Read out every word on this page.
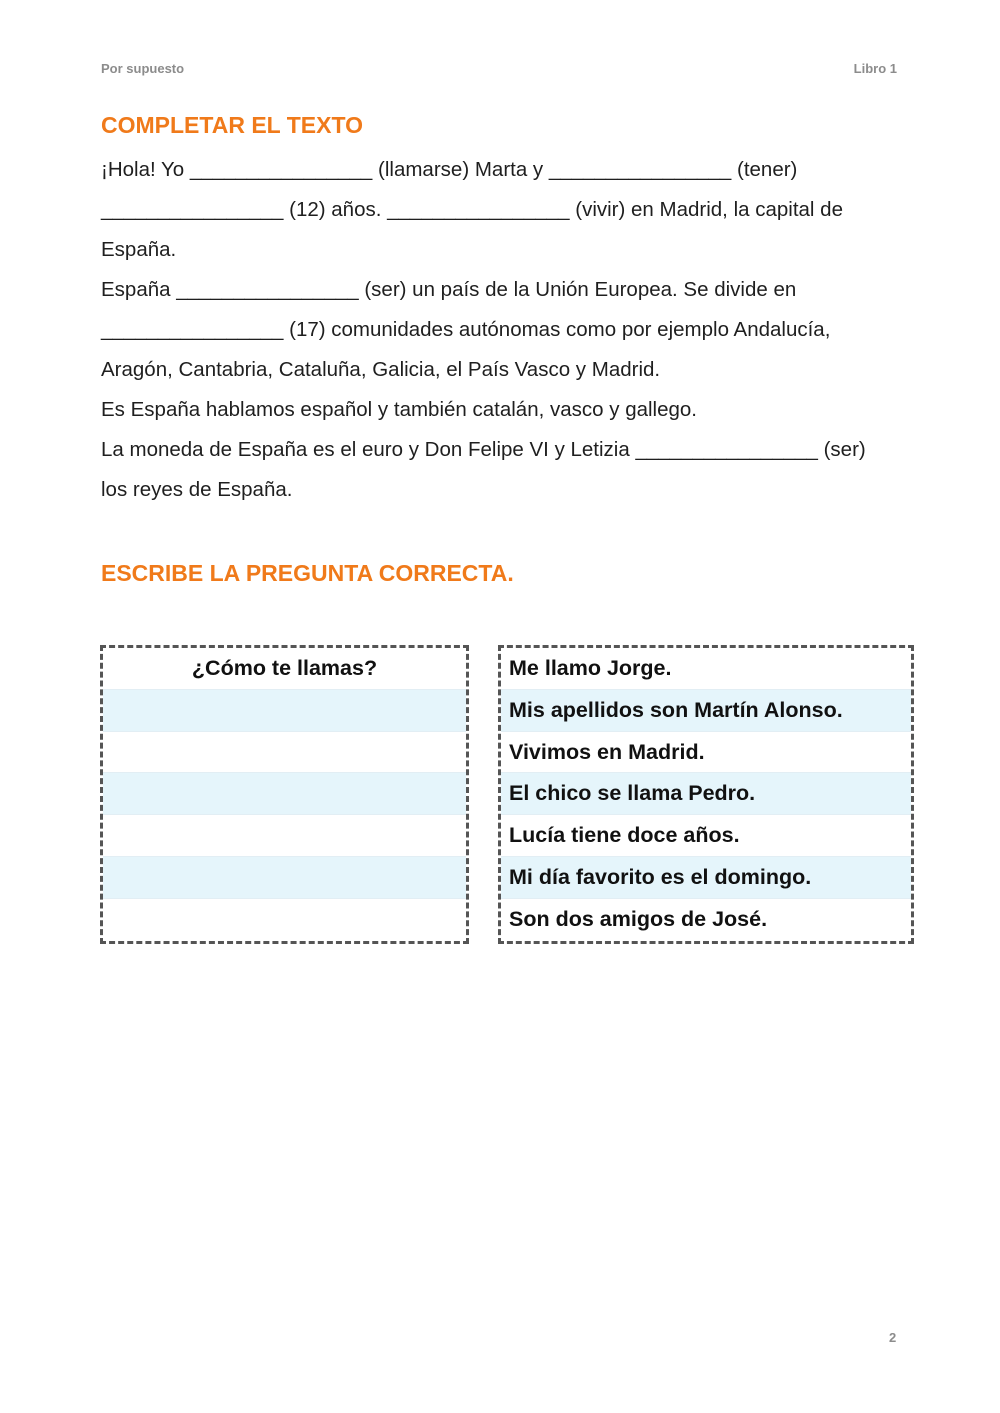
Por supuesto	Libro 1
COMPLETAR EL TEXTO
¡Hola! Yo ________________ (llamarse) Marta y ________________ (tener)
________________ (12) años. ________________ (vivir) en Madrid, la capital de
España.
España ________________ (ser) un país de la Unión Europea. Se divide en
________________ (17) comunidades autónomas como por ejemplo Andalucía,
Aragón, Cantabria, Cataluña, Galicia, el País Vasco y Madrid.
Es España hablamos español y también catalán, vasco y gallego.
La moneda de España es el euro y Don Felipe VI y Letizia ________________ (ser)
los reyes de España.
ESCRIBE LA PREGUNTA CORRECTA.
¿Cómo te llamas?	Me llamo Jorge.
Mis apellidos son Martín Alonso.
Vivimos en Madrid.
El chico se llama Pedro.
Lucía tiene doce años.
Mi día favorito es el domingo.
Son dos amigos de José.
2
